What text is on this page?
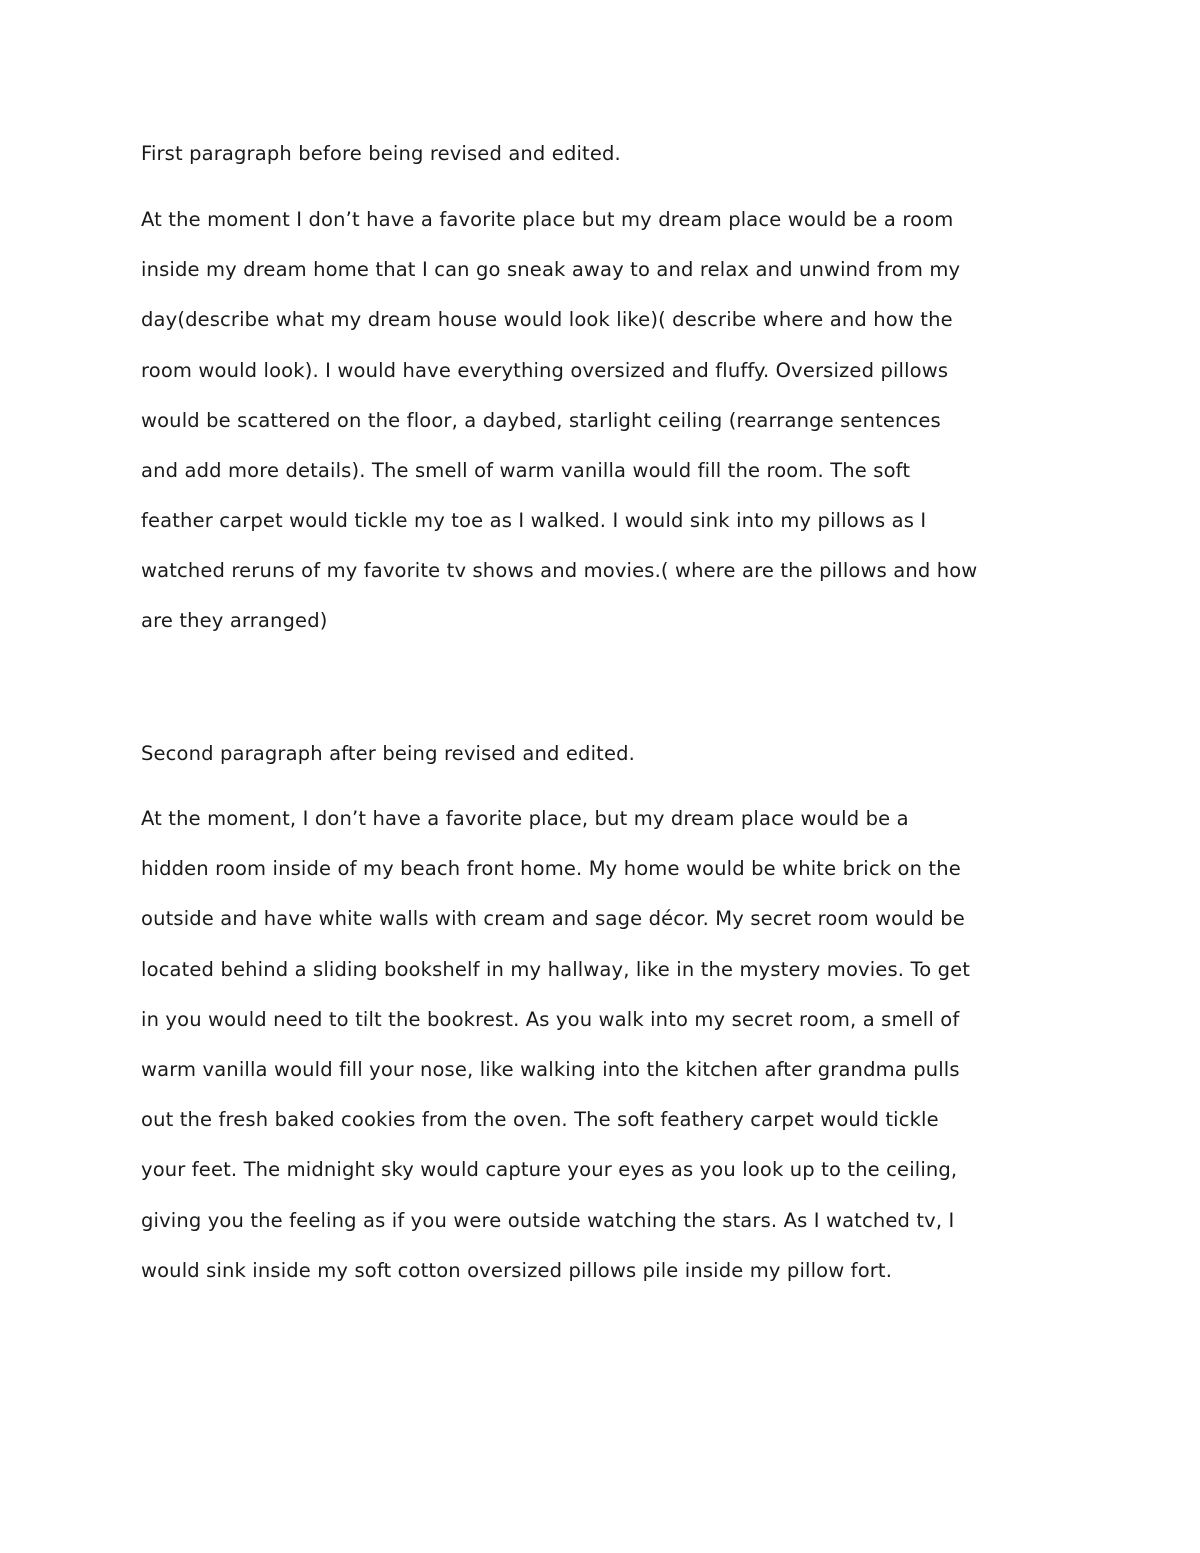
First paragraph before being revised and edited.
At the moment I don’t have a favorite place but my dream place would be a room
inside my dream home that I can go sneak away to and relax and unwind from my
day(describe what my dream house would look like)( describe where and how the
room would look). I would have everything oversized and fluffy. Oversized pillows
would be scattered on the floor, a daybed, starlight ceiling (rearrange sentences
and add more details). The smell of warm vanilla would fill the room. The soft
feather carpet would tickle my toe as I walked. I would sink into my pillows as I
watched reruns of my favorite tv shows and movies.( where are the pillows and how
are they arranged)
Second paragraph after being revised and edited.
At the moment, I don’t have a favorite place, but my dream place would be a
hidden room inside of my beach front home. My home would be white brick on the
outside and have white walls with cream and sage décor. My secret room would be
located behind a sliding bookshelf in my hallway, like in the mystery movies. To get
in you would need to tilt the bookrest. As you walk into my secret room, a smell of
warm vanilla would fill your nose, like walking into the kitchen after grandma pulls
out the fresh baked cookies from the oven. The soft feathery carpet would tickle
your feet. The midnight sky would capture your eyes as you look up to the ceiling,
giving you the feeling as if you were outside watching the stars. As I watched tv, I
would sink inside my soft cotton oversized pillows pile inside my pillow fort.
